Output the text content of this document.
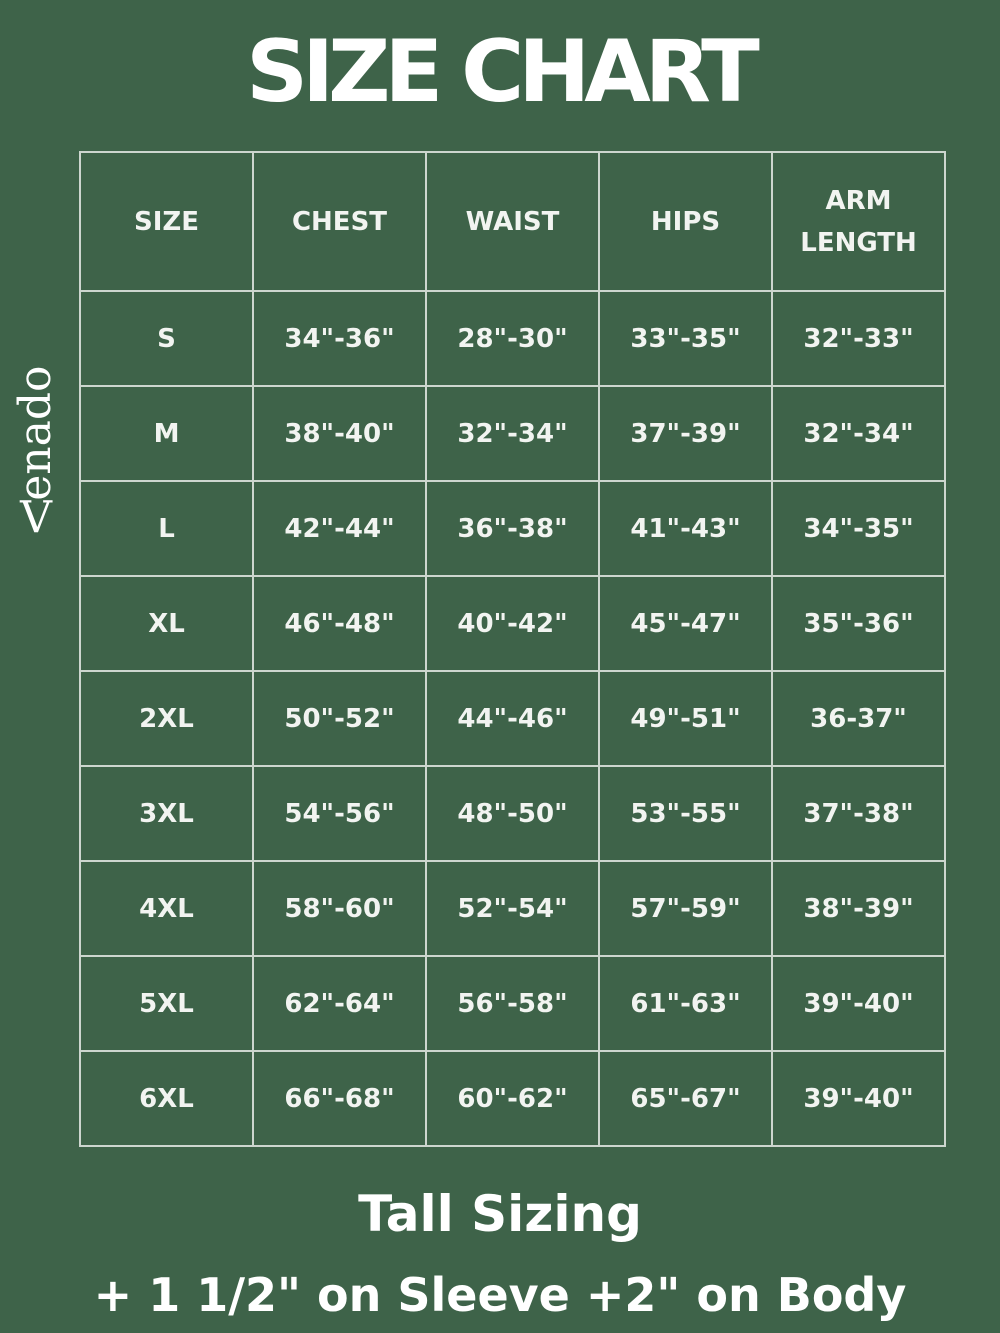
SIZE CHART
Venado
SIZE	CHEST	WAIST	HIPS	ARM
LENGTH
S	34"-36"	28"-30"	33"-35"	32"-33"
M	38"-40"	32"-34"	37"-39"	32"-34"
L	42"-44"	36"-38"	41"-43"	34"-35"
XL	46"-48"	40"-42"	45"-47"	35"-36"
2XL	50"-52"	44"-46"	49"-51"	36-37"
3XL	54"-56"	48"-50"	53"-55"	37"-38"
4XL	58"-60"	52"-54"	57"-59"	38"-39"
5XL	62"-64"	56"-58"	61"-63"	39"-40"
6XL	66"-68"	60"-62"	65"-67"	39"-40"
Tall Sizing
+ 1 1/2" on Sleeve +2" on Body
